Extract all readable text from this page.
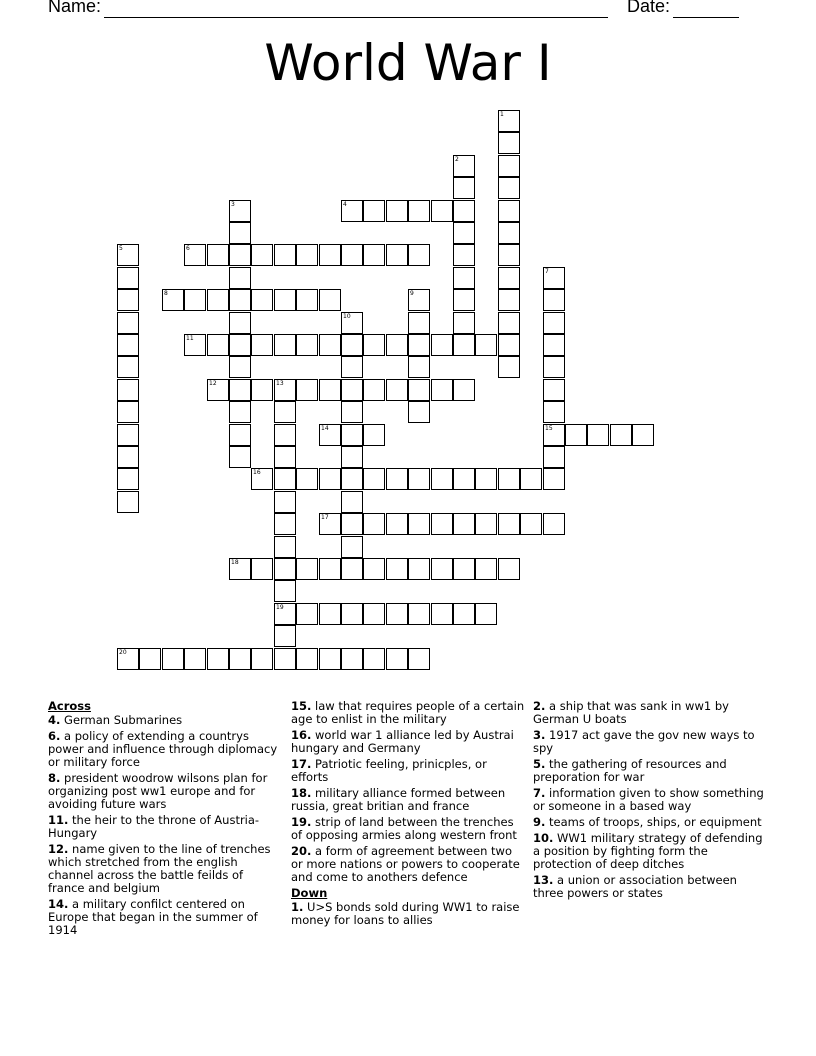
Name:	Date:
World War I
4
6
8
11
12	13
14	15
16
17
18
19
20
1
2
3
5
7
9
10
Across
4. German Submarines
6. a policy of extending a countrys power and influence through diplomacy or military force
8. president woodrow wilsons plan for organizing post ww1 europe and for avoiding future wars
11. the heir to the throne of Austria-Hungary
12. name given to the line of trenches which stretched from the english channel across the battle feilds of france and belgium
14. a military confilct centered on Europe that began in the summer of 1914
15. law that requires people of a certain age to enlist in the military
16. world war 1 alliance led by Austrai hungary and Germany
17. Patriotic feeling, prinicples, or efforts
18. military alliance formed between russia, great britian and france
19. strip of land between the trenches of opposing armies along western front
20. a form of agreement between two or more nations or powers to cooperate and come to anothers defence
Down
1. U>S bonds sold during WW1 to raise money for loans to allies
2. a ship that was sank in ww1 by German U boats
3. 1917 act gave the gov new ways to spy
5. the gathering of resources and preporation for war
7. information given to show something or someone in a based way
9. teams of troops, ships, or equipment
10. WW1 military strategy of defending a position by fighting form the protection of deep ditches
13. a union or association between three powers or states
